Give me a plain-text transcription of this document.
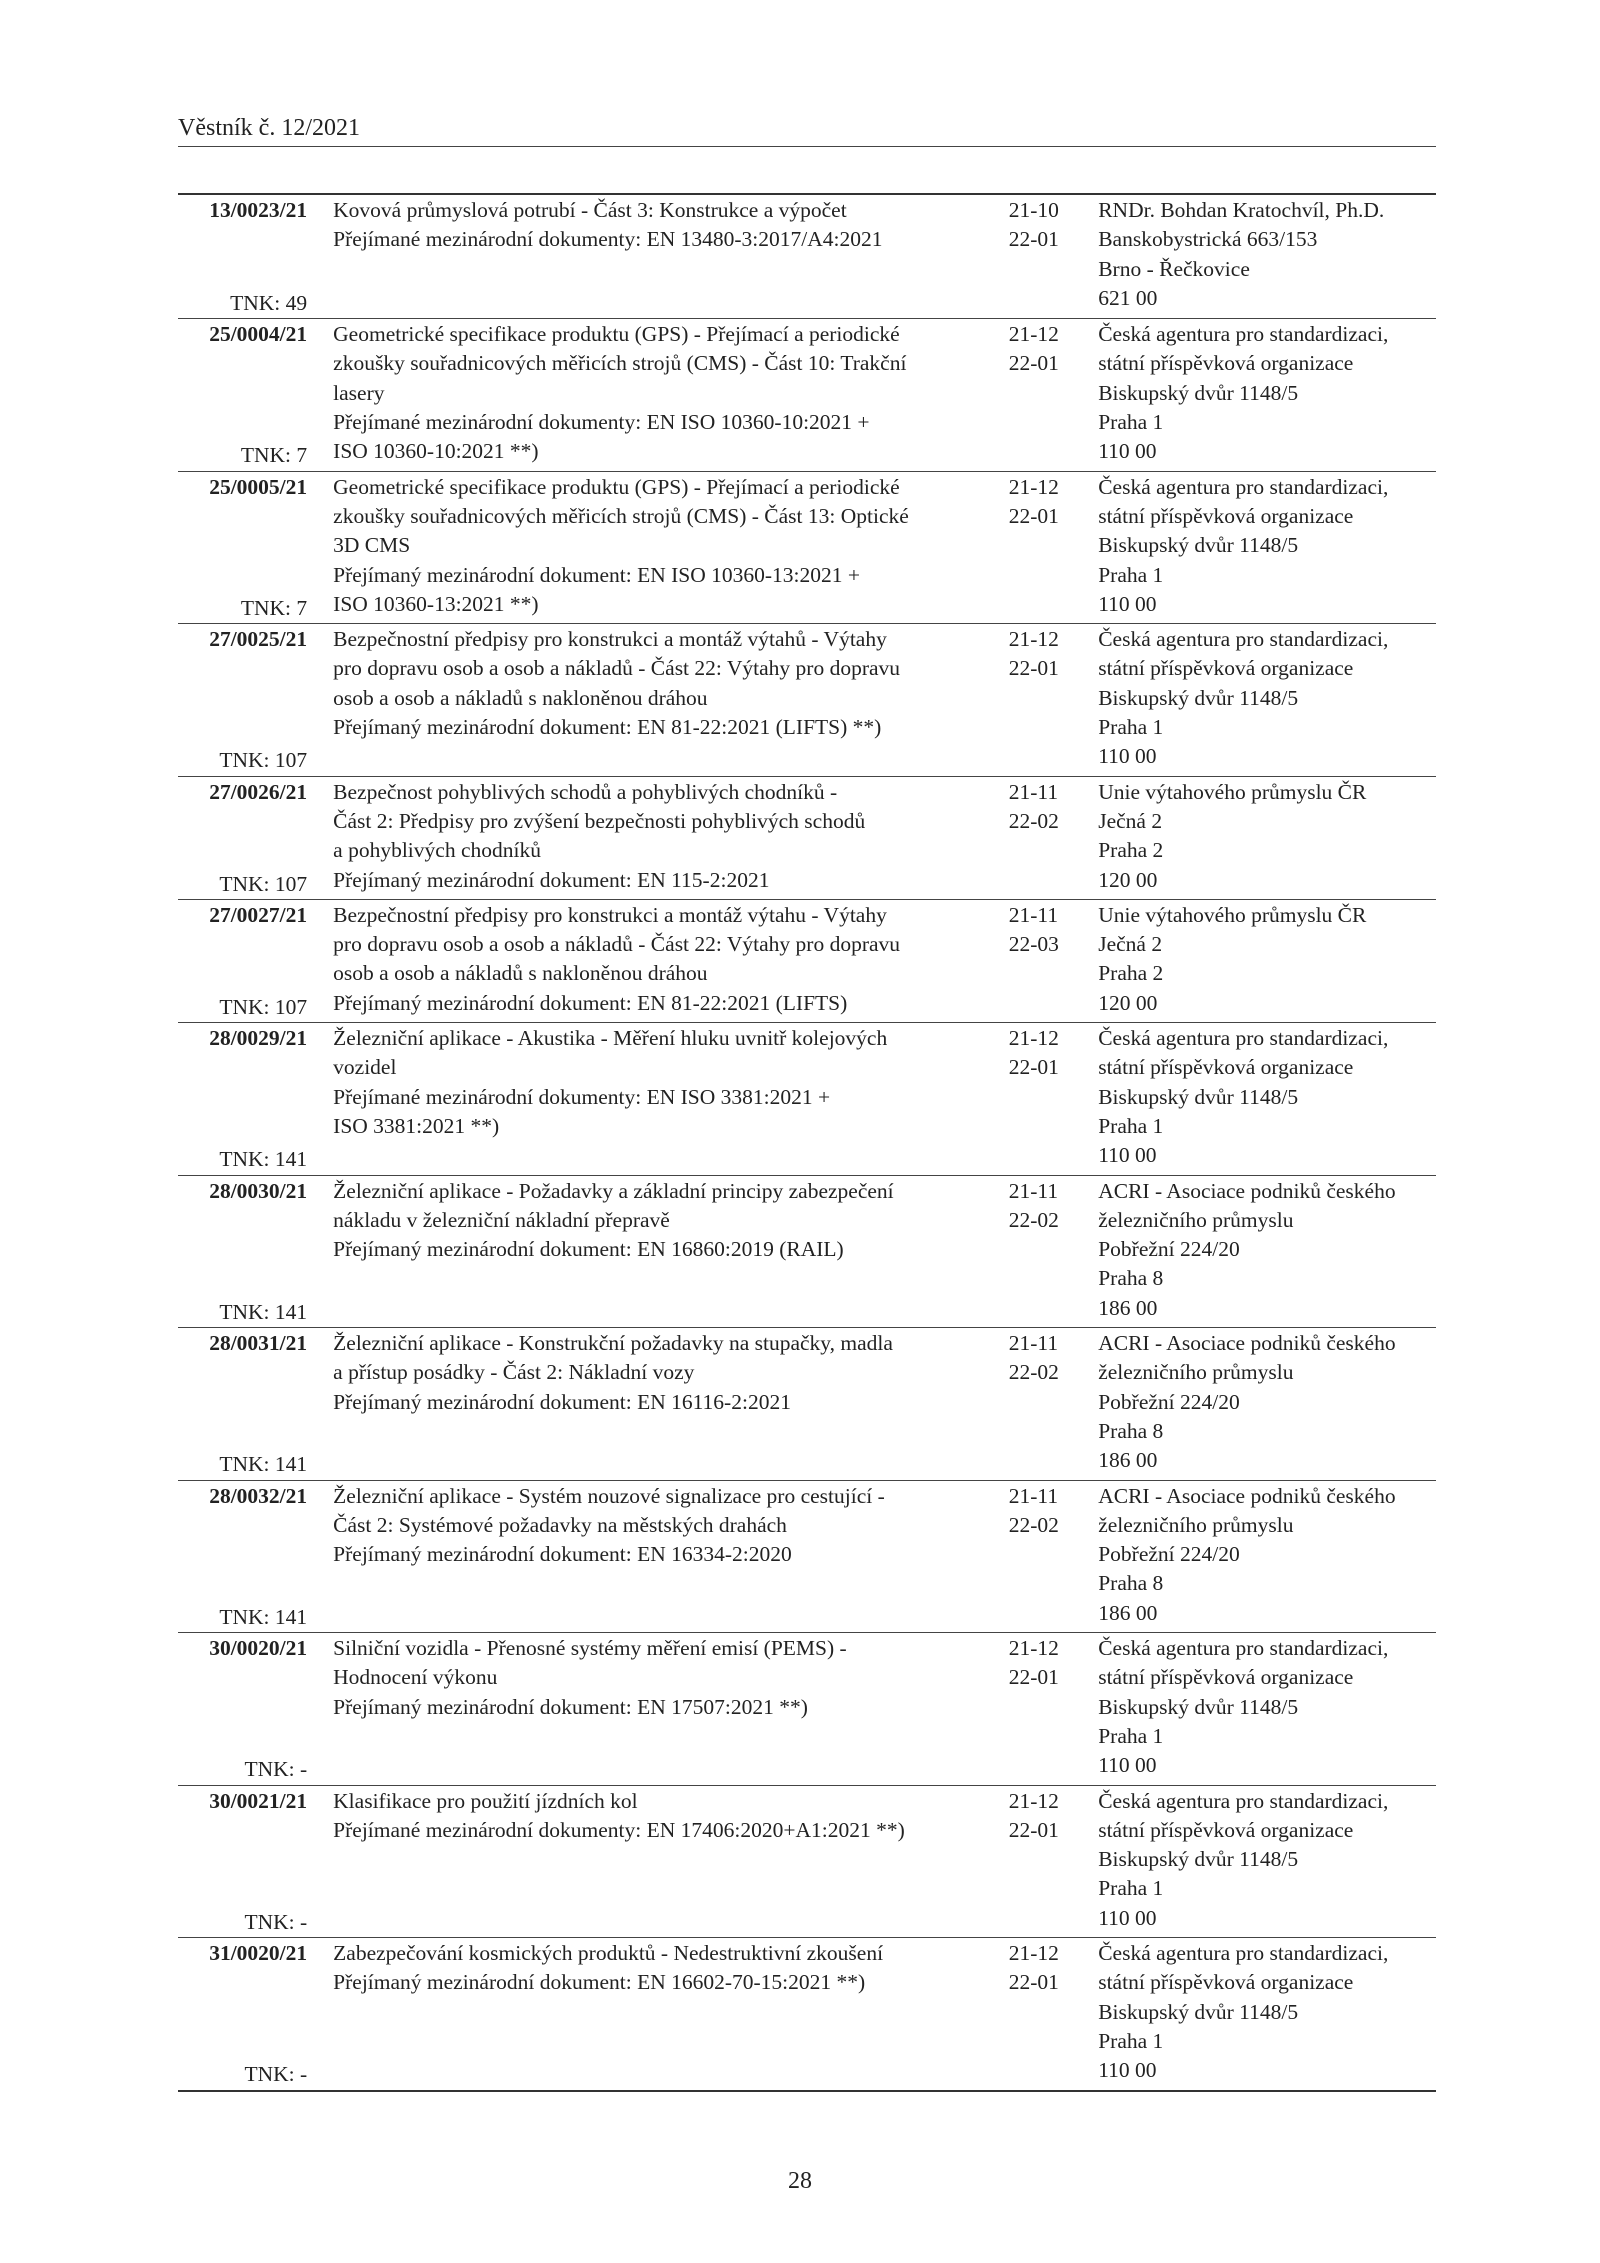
Věstník č. 12/2021
13/0023/21
TNK: 49
Kovová průmyslová potrubí - Část 3: Konstrukce a výpočet
Přejímané mezinárodní dokumenty: EN 13480-3:2017/A4:2021
21-10
22-01
RNDr. Bohdan Kratochvíl, Ph.D.
Banskobystrická 663/153
Brno - Řečkovice
621 00
25/0004/21
TNK: 7
Geometrické specifikace produktu (GPS) - Přejímací a periodické
zkoušky souřadnicových měřicích strojů (CMS) - Část 10: Trakční
lasery
Přejímané mezinárodní dokumenty: EN ISO 10360-10:2021 +
ISO 10360-10:2021 **)
21-12
22-01
Česká agentura pro standardizaci,
státní příspěvková organizace
Biskupský dvůr 1148/5
Praha 1
110 00
25/0005/21
TNK: 7
Geometrické specifikace produktu (GPS) - Přejímací a periodické
zkoušky souřadnicových měřicích strojů (CMS) - Část 13: Optické
3D CMS
Přejímaný mezinárodní dokument: EN ISO 10360-13:2021 +
ISO 10360-13:2021 **)
21-12
22-01
Česká agentura pro standardizaci,
státní příspěvková organizace
Biskupský dvůr 1148/5
Praha 1
110 00
27/0025/21
TNK: 107
Bezpečnostní předpisy pro konstrukci a montáž výtahů - Výtahy
pro dopravu osob a osob a nákladů - Část 22: Výtahy pro dopravu
osob a osob a nákladů s nakloněnou dráhou
Přejímaný mezinárodní dokument: EN 81-22:2021 (LIFTS) **)
21-12
22-01
Česká agentura pro standardizaci,
státní příspěvková organizace
Biskupský dvůr 1148/5
Praha 1
110 00
27/0026/21
TNK: 107
Bezpečnost pohyblivých schodů a pohyblivých chodníků -
Část 2: Předpisy pro zvýšení bezpečnosti pohyblivých schodů
a pohyblivých chodníků
Přejímaný mezinárodní dokument: EN 115-2:2021
21-11
22-02
Unie výtahového průmyslu ČR
Ječná 2
Praha 2
120 00
27/0027/21
TNK: 107
Bezpečnostní předpisy pro konstrukci a montáž výtahu - Výtahy
pro dopravu osob a osob a nákladů - Část 22: Výtahy pro dopravu
osob a osob a nákladů s nakloněnou dráhou
Přejímaný mezinárodní dokument: EN 81-22:2021 (LIFTS)
21-11
22-03
Unie výtahového průmyslu ČR
Ječná 2
Praha 2
120 00
28/0029/21
TNK: 141
Železniční aplikace - Akustika - Měření hluku uvnitř kolejových
vozidel
Přejímané mezinárodní dokumenty: EN ISO 3381:2021 +
ISO 3381:2021 **)
21-12
22-01
Česká agentura pro standardizaci,
státní příspěvková organizace
Biskupský dvůr 1148/5
Praha 1
110 00
28/0030/21
TNK: 141
Železniční aplikace - Požadavky a základní principy zabezpečení
nákladu v železniční nákladní přepravě
Přejímaný mezinárodní dokument: EN 16860:2019 (RAIL)
21-11
22-02
ACRI - Asociace podniků českého
železničního průmyslu
Pobřežní 224/20
Praha 8
186 00
28/0031/21
TNK: 141
Železniční aplikace - Konstrukční požadavky na stupačky, madla
a přístup posádky - Část 2: Nákladní vozy
Přejímaný mezinárodní dokument: EN 16116-2:2021
21-11
22-02
ACRI - Asociace podniků českého
železničního průmyslu
Pobřežní 224/20
Praha 8
186 00
28/0032/21
TNK: 141
Železniční aplikace - Systém nouzové signalizace pro cestující -
Část 2: Systémové požadavky na městských drahách
Přejímaný mezinárodní dokument: EN 16334-2:2020
21-11
22-02
ACRI - Asociace podniků českého
železničního průmyslu
Pobřežní 224/20
Praha 8
186 00
30/0020/21
TNK: -
Silniční vozidla - Přenosné systémy měření emisí (PEMS) -
Hodnocení výkonu
Přejímaný mezinárodní dokument: EN 17507:2021 **)
21-12
22-01
Česká agentura pro standardizaci,
státní příspěvková organizace
Biskupský dvůr 1148/5
Praha 1
110 00
30/0021/21
TNK: -
Klasifikace pro použití jízdních kol
Přejímané mezinárodní dokumenty: EN 17406:2020+A1:2021 **)
21-12
22-01
Česká agentura pro standardizaci,
státní příspěvková organizace
Biskupský dvůr 1148/5
Praha 1
110 00
31/0020/21
TNK: -
Zabezpečování kosmických produktů - Nedestruktivní zkoušení
Přejímaný mezinárodní dokument: EN 16602-70-15:2021 **)
21-12
22-01
Česká agentura pro standardizaci,
státní příspěvková organizace
Biskupský dvůr 1148/5
Praha 1
110 00
28
